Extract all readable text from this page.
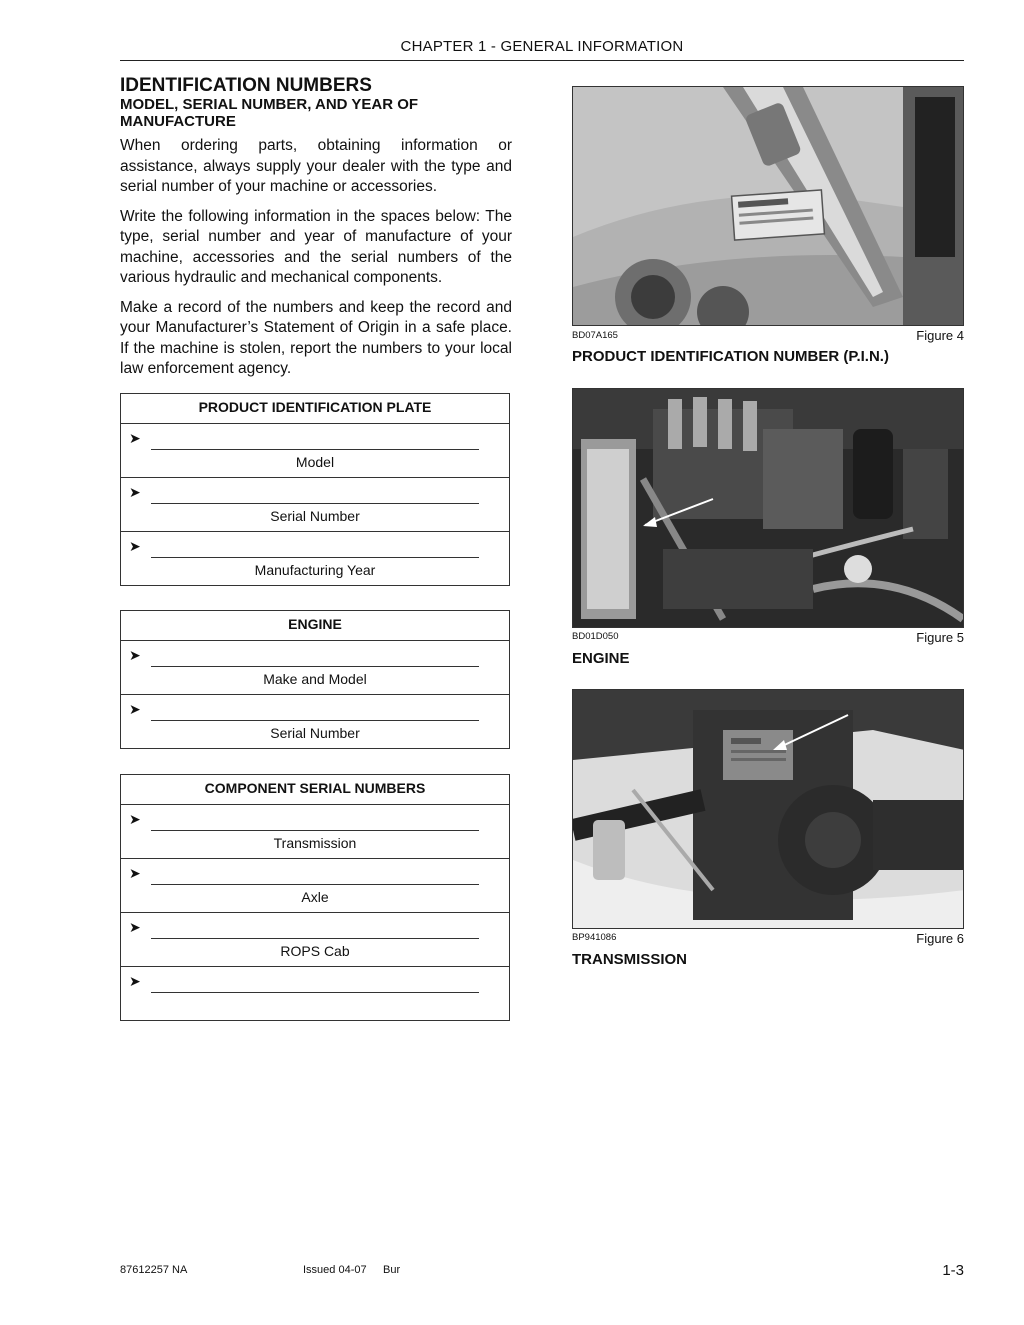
CHAPTER 1 - GENERAL INFORMATION
IDENTIFICATION NUMBERS
MODEL, SERIAL NUMBER, AND YEAR OF MANUFACTURE

When ordering parts, obtaining information or assistance, always supply your dealer with the type and serial number of your machine or accessories.

Write the following information in the spaces below: The type, serial number and year of manufacture of your machine, accessories and the serial numbers of the various hydraulic and mechanical components.

Make a record of the numbers and keep the record and your Manufacturer’s Statement of Origin in a safe place. If the machine is stolen, report the numbers to your local law enforcement agency.

PRODUCT IDENTIFICATION PLATE
➤
Model
➤
Serial Number
➤
Manufacturing Year
ENGINE
➤
Make and Model
➤
Serial Number
COMPONENT SERIAL NUMBERS
➤
Transmission
➤
Axle
➤
ROPS Cab
➤
BD07A165	Figure 4
PRODUCT IDENTIFICATION NUMBER (P.I.N.)
BD01D050	Figure 5
ENGINE
BP941086	Figure 6
TRANSMISSION
87612257 NA	Issued 04-07 Bur	1-3
